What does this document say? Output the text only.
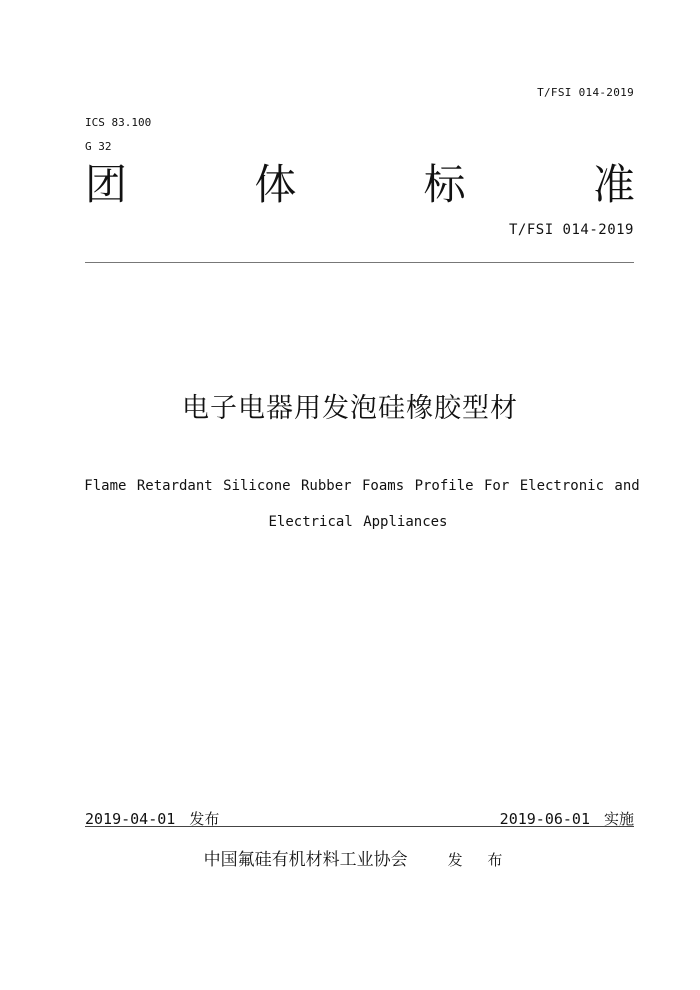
T/FSI 014-2019
ICS 83.100
G 32
团	体	标	准
T/FSI 014-2019
电子电器用发泡硅橡胶型材
Flame Retardant Silicone Rubber Foams Profile For Electronic and
Electrical Appliances
2019-04-01 发布	2019-06-01 实施
中国氟硅有机材料工业协会	发 布
